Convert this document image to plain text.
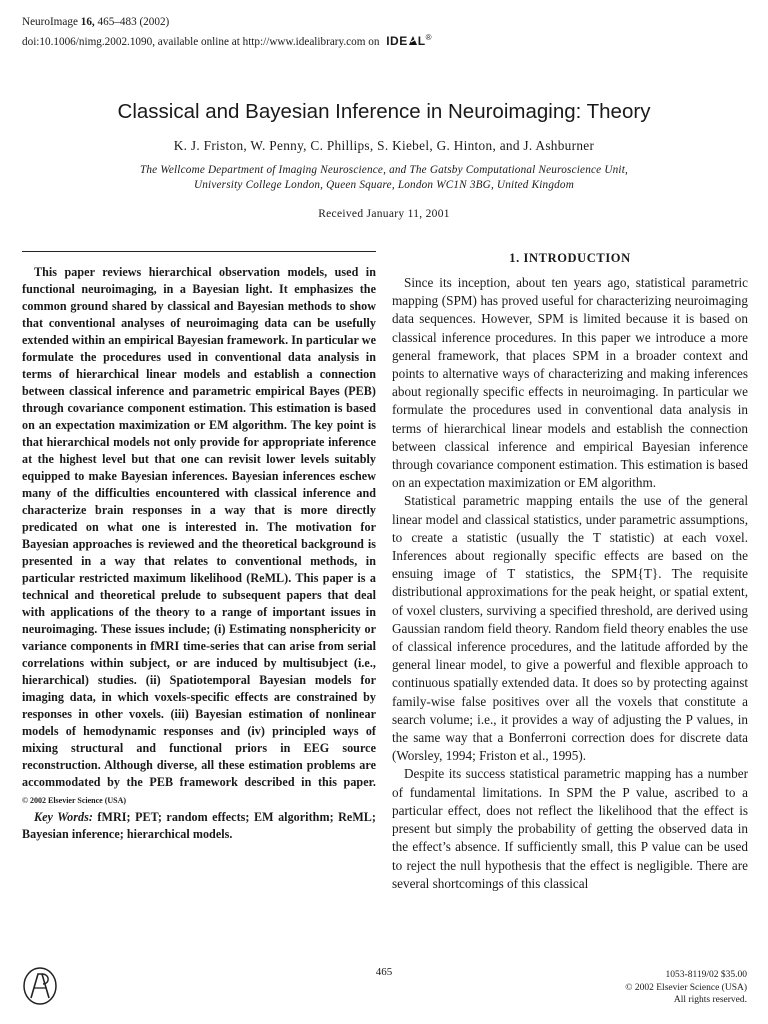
NeuroImage 16, 465–483 (2002)
doi:10.1006/nimg.2002.1090, available online at http://www.idealibrary.com on IDE L®
Classical and Bayesian Inference in Neuroimaging: Theory
K. J. Friston, W. Penny, C. Phillips, S. Kiebel, G. Hinton, and J. Ashburner
The Wellcome Department of Imaging Neuroscience, and The Gatsby Computational Neuroscience Unit,
University College London, Queen Square, London WC1N 3BG, United Kingdom
Received January 11, 2001

This paper reviews hierarchical observation models, used in functional neuroimaging, in a Bayesian light. It emphasizes the common ground shared by classical and Bayesian methods to show that conventional analyses of neuroimaging data can be usefully extended within an empirical Bayesian framework. In particular we formulate the procedures used in conventional data analysis in terms of hierarchical linear models and establish a connection between classical inference and parametric empirical Bayes (PEB) through covariance component estimation. This estimation is based on an expectation maximization or EM algorithm. The key point is that hierarchical models not only provide for appropriate inference at the highest level but that one can revisit lower levels suitably equipped to make Bayesian inferences. Bayesian inferences eschew many of the difficulties encountered with classical inference and characterize brain responses in a way that is more directly predicated on what one is interested in. The motivation for Bayesian approaches is reviewed and the theoretical background is presented in a way that relates to conventional methods, in particular restricted maximum likelihood (ReML). This paper is a technical and theoretical prelude to subsequent papers that deal with applications of the theory to a range of important issues in neuroimaging. These issues include; (i) Estimating nonsphericity or variance components in fMRI time-series that can arise from serial correlations within subject, or are induced by multisubject (i.e., hierarchical) studies. (ii) Spatiotemporal Bayesian models for imaging data, in which voxels-specific effects are constrained by responses in other voxels. (iii) Bayesian estimation of nonlinear models of hemodynamic responses and (iv) principled ways of mixing structural and functional priors in EEG source reconstruction. Although diverse, all these estimation problems are accommodated by the PEB framework described in this paper. © 2002 Elsevier Science (USA)

Key Words: fMRI; PET; random effects; EM algorithm; ReML; Bayesian inference; hierarchical models.

1. INTRODUCTION

Since its inception, about ten years ago, statistical parametric mapping (SPM) has proved useful for characterizing neuroimaging data sequences. However, SPM is limited because it is based on classical inference procedures. In this paper we introduce a more general framework, that places SPM in a broader context and points to alternative ways of characterizing and making inferences about regionally specific effects in neuroimaging. In particular we formulate the procedures used in conventional data analysis in terms of hierarchical linear models and establish the connection between classical inference and empirical Bayesian inference through covariance component estimation. This estimation is based on an expectation maximization or EM algorithm.

Statistical parametric mapping entails the use of the general linear model and classical statistics, under parametric assumptions, to create a statistic (usually the T statistic) at each voxel. Inferences about regionally specific effects are based on the ensuing image of T statistics, the SPM{T}. The requisite distributional approximations for the peak height, or spatial extent, of voxel clusters, surviving a specified threshold, are derived using Gaussian random field theory. Random field theory enables the use of classical inference procedures, and the latitude afforded by the general linear model, to give a powerful and flexible approach to continuous spatially extended data. It does so by protecting against family-wise false positives over all the voxels that constitute a search volume; i.e., it provides a way of adjusting the P values, in the same way that a Bonferroni correction does for discrete data (Worsley, 1994; Friston et al., 1995).

Despite its success statistical parametric mapping has a number of fundamental limitations. In SPM the P value, ascribed to a particular effect, does not reflect the likelihood that the effect is present but simply the probability of getting the observed data in the effect’s absence. If sufficiently small, this P value can be used to reject the null hypothesis that the effect is negligible. There are several shortcomings of this classical

465	1053-8119/02 $35.00
© 2002 Elsevier Science (USA)
All rights reserved.
